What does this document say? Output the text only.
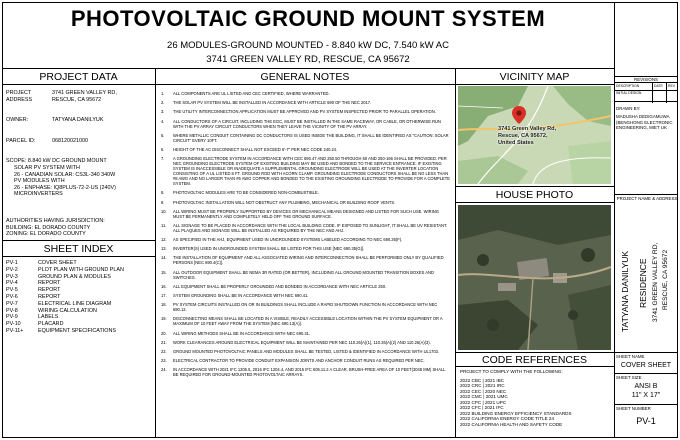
PHOTOVOLTAIC GROUND MOUNT SYSTEM
26 MODULES-GROUND MOUNTED - 8.840 kW DC, 7.540 kW AC
3741 GREEN VALLEY RD, RESCUE, CA 95672
PROJECT DATA
PROJECT
ADDRESS
3741 GREEN VALLEY RD,
RESCUE, CA 95672
OWNER:	TATYANA DANILYUK
PARCEL ID:	068120021000
SCOPE: 8.840 kW DC GROUND MOUNT
SOLAR PV SYSTEM WITH
26 - CANADIAN SOLAR: CS3L-340 340W
PV MODULES WITH
26 - ENPHASE: IQ8PLUS-72-2-US (240V)
MICROINVERTERS
AUTHORITIES HAVING JURISDICTION:
BUILDING: EL DORADO COUNTY
ZONING: EL DORADO COUNTY
SHEET INDEX
PV-1	COVER SHEET
PV-2	PLOT PLAN WITH GROUND PLAN
PV-3	GROUND PLAN & MODULES
PV-4	REPORT
PV-5	REPORT
PV-6	REPORT
PV-7	ELECTRICAL LINE DIAGRAM
PV-8	WIRING CALCULATION
PV-9	LABELS
PV-10	PLACARD
PV-11+	EQUIPMENT SPECIFICATIONS
GENERAL NOTES
1.	ALL COMPONENTS ARE UL LISTED AND CEC CERTIFIED, WHERE WARRANTED.
2.	THE SOLAR PV SYSTEM WILL BE INSTALLED IN ACCORDANCE WITH ARTICLE 690 OF THE NEC 2017.
3.	THE UTILITY INTERCONNECTION APPLICATION MUST BE APPROVED AND PV SYSTEM INSPECTED PRIOR TO PARALLEL OPERATION.
4.	ALL CONDUCTORS OF A CIRCUIT, INCLUDING THE EGC, MUST BE INSTALLED IN THE SAME RACEWAY, OR CABLE, OR OTHERWISE RUN WITH THE PV ARRAY CIRCUIT CONDUCTORS WHEN THEY LEAVE THE VICINITY OF THE PV ARRAY.
5.	WHERE METALLIC CONDUIT CONTAINING DC CONDUCTORS IS USED INSIDE THE BUILDING, IT SHALL BE IDENTIFIED AS "CAUTION: SOLAR CIRCUIT" EVERY 10FT.
6.	HEIGHT OF THE AC DISCONNECT SHALL NOT EXCEED 6'-7" PER NEC CODE 240.24.
7.	A GROUNDING ELECTRODE SYSTEM IN ACCORDANCE WITH CEC 690.47 AND 250.50 THROUGH 60 AND 250-166 SHALL BE PROVIDED. PER NEC GROUNDING ELECTRODE SYSTEM OF EXISTING BUILDING MAY BE USED AND BONDED TO THE SERVICE ENTRANCE. IF EXISTING SYSTEM IS INACCESSIBLE OR INADEQUATE A SUPPLEMENTAL GROUNDING ELECTRODE WILL BE USED AT THE INVERTER LOCATION CONSISTING OF A UL LISTED 8 FT. GROUND ROD WITH ACORN CLAMP. GROUNDING ELECTRODE CONDUCTORS SHALL BE NO LESS THAN #8 AWG AND NO LARGER THAN #6 AWG COPPER AND BONDED TO THE EXISTING GROUNDING ELECTRODE TO PROVIDE FOR A COMPLETE SYSTEM.
8.	PHOTOVOLTAIC MODULES ARE TO BE CONSIDERED NON-COMBUSTIBLE.
9.	PHOTOVOLTAIC INSTALLATION WILL NOT OBSTRUCT ANY PLUMBING, MECHANICAL OR BUILDING ROOF VENTS.
10.	ALL WIRING MUST BE PROPERLY SUPPORTED BY DEVICES OR MECHANICAL MEANS DESIGNED AND LISTED FOR SUCH USE. WIRING MUST BE PERMANENTLY AND COMPLETELY HELD OFF THE GROUND SURFACE.
11.	ALL SIGNAGE TO BE PLACED IN ACCORDANCE WITH THE LOCAL BUILDING CODE. IF EXPOSED TO SUNLIGHT, IT SHALL BE UV RESISTANT. ALL PLAQUES AND SIGNAGE WILL BE INSTALLED AS REQUIRED BY THE NEC AND AHJ.
12.	AS SPECIFIED IN THE AHJ, EQUIPMENT USED IN UNGROUNDED SYSTEMS LABELED ACCORDING TO NEC 690.35(F).
13.	INVERTER(S) USED IN UNGROUNDED SYSTEM SHALL BE LISTED FOR THIS USE [NEC 690.35(G)].
14.	THE INSTALLATION OF EQUIPMENT AND ALL ASSOCIATED WIRING AND INTERCONNECTION SHALL BE PERFORMED ONLY BY QUALIFIED PERSONS [NEC 690.4(C)].
15.	ALL OUTDOOR EQUIPMENT SHALL BE NEMA 3R RATED (OR BETTER), INCLUDING ALL GROUND MOUNTED TRANSITION BOXES AND SWITCHES.
16.	ALL EQUIPMENT SHALL BE PROPERLY GROUNDED AND BONDED IN ACCORDANCE WITH NEC ARTICLE 250.
17.	SYSTEM GROUNDING SHALL BE IN ACCORDANCE WITH NEC 690.41.
18.	PV SYSTEM CIRCUITS INSTALLED ON OR IN BUILDINGS SHALL INCLUDE A RAPID SHUTDOWN FUNCTION IN ACCORDANCE WITH NEC 690.12.
19.	DISCONNECTING MEANS SHALL BE LOCATED IN A VISIBLE, READILY ACCESSIBLE LOCATION WITHIN THE PV SYSTEM EQUIPMENT OR A MAXIMUM OF 10 FEET AWAY FROM THE SYSTEM [NEC 690.13(A)].
20.	ALL WIRING METHODS SHALL BE IN ACCORDANCE WITH NEC 690.31.
21.	WORK CLEARANCES AROUND ELECTRICAL EQUIPMENT WILL BE MAINTAINED PER NEC 110.26(A)(1), 110.26(A)(2) AND 110.26(A)(3).
22.	GROUND MOUNTED PHOTOVOLTAIC PANELS AND MODULES SHALL BE TESTED, LISTED & IDENTIFIED IN ACCORDANCE WITH UL1703.
23.	ELECTRICAL CONTRACTOR TO PROVIDE CONDUIT EXPANSION JOINTS AND ANCHOR CONDUIT RUNS AS REQUIRED PER NEC.
24.	IN ACCORDANCE WITH 2021 IFC 1205.5, 2016 IFC 1204.4, AND 2015 IFC 605.11.2 A CLEAR, BRUSH-FREE AREA OF 10 FEET(3048 MM) SHALL BE REQUIRED FOR GROUND-MOUNTED PHOTOVOLTAIC ARRAYS.
VICINITY MAP
3741 Green Valley Rd,
Rescue, CA 95672,
United States
HOUSE PHOTO
CODE REFERENCES
PROJECT TO COMPLY WITH THE FOLLOWING:
2022 CBC | 2021 IBC
2022 CRC | 2021 IRC
2022 CEC | 2020 NEC
2022 CMC | 2021 UMC
2022 CPC | 2021 UPC
2022 CFC | 2021 IFC
2022 BUILDING ENERGY EFFICIENCY STANDARDS
2022 CALIFORNIA ENERGY CODE TITLE 24
2022 CALIFORNIA HEALTH AND SAFETY CODE
REVISIONS
DESCRIPTION	DATE REV
INITIAL DESIGN
DRAWN BY:
MADUSHA DEDIGAMUWA
(BENGHONG ELECTRONIC
ENGINEERING, MIET UK
PROJECT NAME & ADDRESS
TATYANA DANILYUK RESIDENCE 3741 GREEN VALLEY RD, RESCUE, CA 95672
SHEET NAME
COVER SHEET
SHEET SIZE
ANSI B
11" X 17"
SHEET NUMBER
PV-1
